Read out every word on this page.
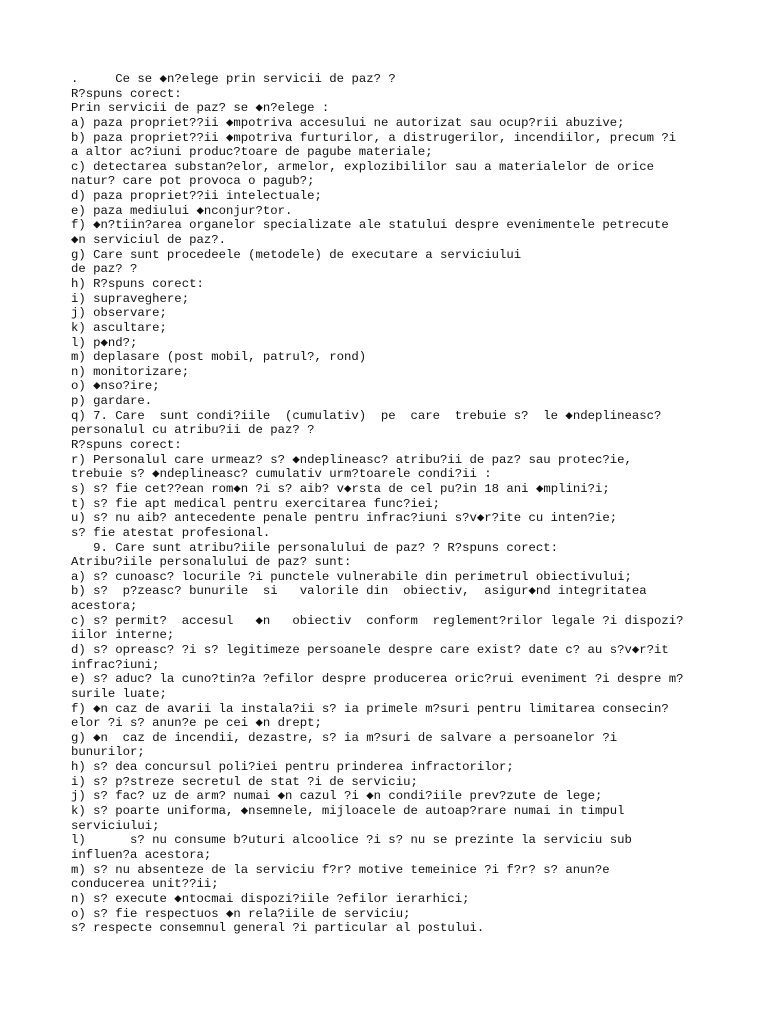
.     Ce se ◆n?elege prin servicii de paz? ?
R?spuns corect:
Prin servicii de paz? se ◆n?elege :
a) paza propriet??ii ◆mpotriva accesului ne autorizat sau ocup?rii abuzive;
b) paza propriet??ii ◆mpotriva furturilor, a distrugerilor, incendiilor, precum ?i
a altor ac?iuni produc?toare de pagube materiale;
c) detectarea substan?elor, armelor, explozibililor sau a materialelor de orice
natur? care pot provoca o pagub?;
d) paza propriet??ii intelectuale;
e) paza mediului ◆nconjur?tor.
f) ◆n?tiin?area organelor specializate ale statului despre evenimentele petrecute
◆n serviciul de paz?.
g) Care sunt procedeele (metodele) de executare a serviciului
de paz? ?
h) R?spuns corect:
i) supraveghere;
j) observare;
k) ascultare;
l) p◆nd?;
m) deplasare (post mobil, patrul?, rond)
n) monitorizare;
o) ◆nso?ire;
p) gardare.
q) 7. Care  sunt condi?iile  (cumulativ)  pe  care  trebuie s?  le ◆ndeplineasc?
personalul cu atribu?ii de paz? ?
R?spuns corect:
r) Personalul care urmeaz? s? ◆ndeplineasc? atribu?ii de paz? sau protec?ie,
trebuie s? ◆ndeplineasc? cumulativ urm?toarele condi?ii :
s) s? fie cet??ean rom◆n ?i s? aib? v◆rsta de cel pu?in 18 ani ◆mplini?i;
t) s? fie apt medical pentru exercitarea func?iei;
u) s? nu aib? antecedente penale pentru infrac?iuni s?v◆r?ite cu inten?ie;
s? fie atestat profesional.
9. Care sunt atribu?iile personalului de paz? ? R?spuns corect:
Atribu?iile personalului de paz? sunt:
a) s? cunoasc? locurile ?i punctele vulnerabile din perimetrul obiectivului;
b) s?  p?zeasc? bunurile  si   valorile din  obiectiv,  asigur◆nd integritatea
acestora;
c) s? permit?  accesul   ◆n   obiectiv  conform  reglement?rilor legale ?i dispozi?
iilor interne;
d) s? opreasc? ?i s? legitimeze persoanele despre care exist? date c? au s?v◆r?it
infrac?iuni;
e) s? aduc? la cuno?tin?a ?efilor despre producerea oric?rui eveniment ?i despre m?
surile luate;
f) ◆n caz de avarii la instala?ii s? ia primele m?suri pentru limitarea consecin?
elor ?i s? anun?e pe cei ◆n drept;
g) ◆n  caz de incendii, dezastre, s? ia m?suri de salvare a persoanelor ?i
bunurilor;
h) s? dea concursul poli?iei pentru prinderea infractorilor;
i) s? p?streze secretul de stat ?i de serviciu;
j) s? fac? uz de arm? numai ◆n cazul ?i ◆n condi?iile prev?zute de lege;
k) s? poarte uniforma, ◆nsemnele, mijloacele de autoap?rare numai in timpul
serviciului;
l)      s? nu consume b?uturi alcoolice ?i s? nu se prezinte la serviciu sub
influen?a acestora;
m) s? nu absenteze de la serviciu f?r? motive temeinice ?i f?r? s? anun?e
conducerea unit??ii;
n) s? execute ◆ntocmai dispozi?iile ?efilor ierarhici;
o) s? fie respectuos ◆n rela?iile de serviciu;
s? respecte consemnul general ?i particular al postului.
